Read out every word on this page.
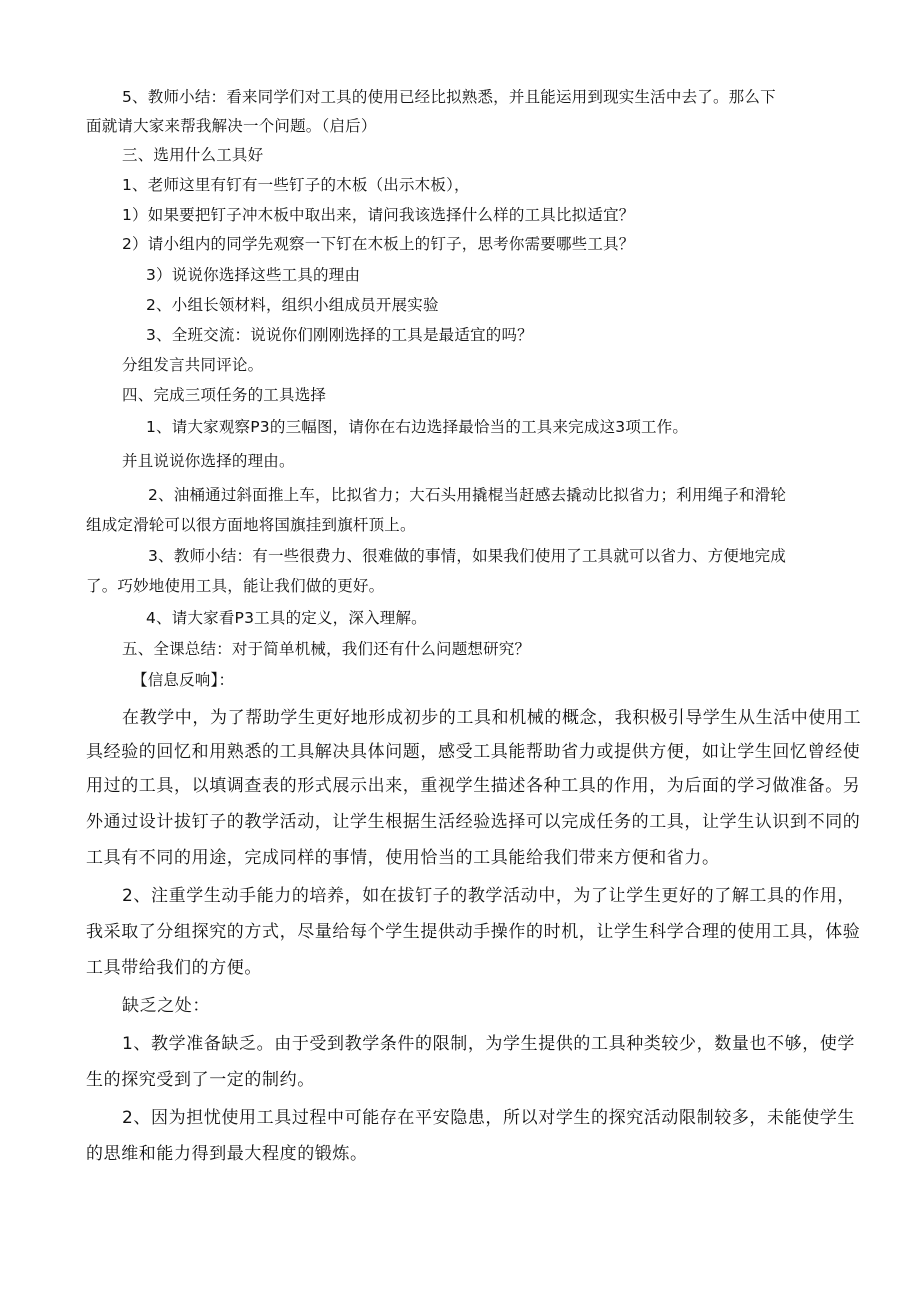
5、教师小结：看来同学们对工具的使用已经比拟熟悉，并且能运用到现实生活中去了。那么下
面就请大家来帮我解决一个问题。（启后）
三、选用什么工具好
1、老师这里有钉有一些钉子的木板（出示木板），
1）如果要把钉子冲木板中取出来，请问我该选择什么样的工具比拟适宜？
2）请小组内的同学先观察一下钉在木板上的钉子，思考你需要哪些工具？
3）说说你选择这些工具的理由
2、小组长领材料，组织小组成员开展实验
3、全班交流：说说你们刚刚选择的工具是最适宜的吗？
分组发言共同评论。
四、完成三项任务的工具选择
1、请大家观察P3的三幅图，请你在右边选择最恰当的工具来完成这3项工作。
并且说说你选择的理由。
2、油桶通过斜面推上车，比拟省力；大石头用撬棍当赶感去撬动比拟省力；利用绳子和滑轮
组成定滑轮可以很方面地将国旗挂到旗杆顶上。
3、教师小结：有一些很费力、很难做的事情，如果我们使用了工具就可以省力、方便地完成
了。巧妙地使用工具，能让我们做的更好。
4、请大家看P3工具的定义，深入理解。
五、全课总结：对于简单机械，我们还有什么问题想研究？
【信息反响】：
在教学中，为了帮助学生更好地形成初步的工具和机械的概念，我积极引导学生从生活中使用工
具经验的回忆和用熟悉的工具解决具体问题，感受工具能帮助省力或提供方便，如让学生回忆曾经使
用过的工具，以填调查表的形式展示出来，重视学生描述各种工具的作用，为后面的学习做准备。另
外通过设计拔钉子的教学活动，让学生根据生活经验选择可以完成任务的工具，让学生认识到不同的
工具有不同的用途，完成同样的事情，使用恰当的工具能给我们带来方便和省力。
2、注重学生动手能力的培养，如在拔钉子的教学活动中，为了让学生更好的了解工具的作用，
我采取了分组探究的方式，尽量给每个学生提供动手操作的时机，让学生科学合理的使用工具，体验
工具带给我们的方便。
缺乏之处：
1、教学准备缺乏。由于受到教学条件的限制，为学生提供的工具种类较少，数量也不够，使学
生的探究受到了一定的制约。
2、因为担忧使用工具过程中可能存在平安隐患，所以对学生的探究活动限制较多，未能使学生
的思维和能力得到最大程度的锻炼。
